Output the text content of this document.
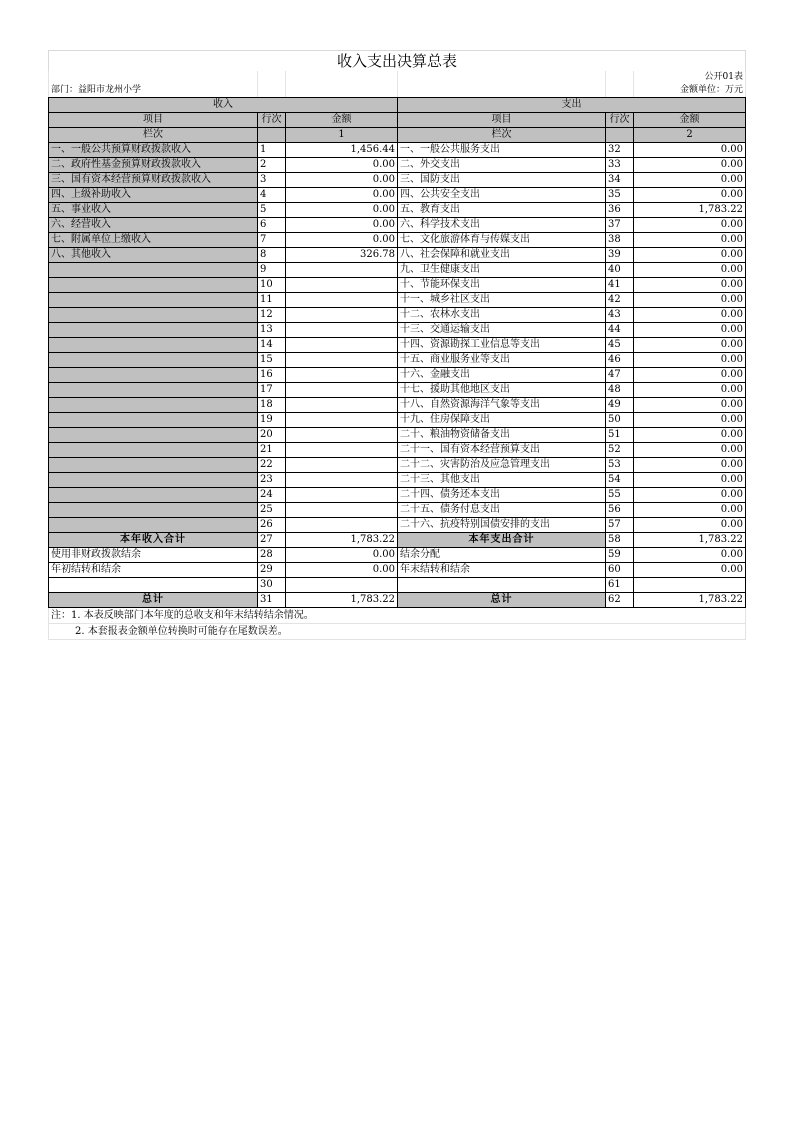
收入支出决算总表					
					公开01表
部门：益阳市龙州小学					金额单位：万元
收入			支出		
项目	行次	金额	项目	行次	金额
栏次		1	栏次		2
一、一般公共预算财政拨款收入	1	1,456.44	一、一般公共服务支出	32	0.00
二、政府性基金预算财政拨款收入	2	0.00	二、外交支出	33	0.00
三、国有资本经营预算财政拨款收入	3	0.00	三、国防支出	34	0.00
四、上级补助收入	4	0.00	四、公共安全支出	35	0.00
五、事业收入	5	0.00	五、教育支出	36	1,783.22
六、经营收入	6	0.00	六、科学技术支出	37	0.00
七、附属单位上缴收入	7	0.00	七、文化旅游体育与传媒支出	38	0.00
八、其他收入	8	326.78	八、社会保障和就业支出	39	0.00
	9		九、卫生健康支出	40	0.00
	10		十、节能环保支出	41	0.00
	11		十一、城乡社区支出	42	0.00
	12		十二、农林水支出	43	0.00
	13		十三、交通运输支出	44	0.00
	14		十四、资源勘探工业信息等支出	45	0.00
	15		十五、商业服务业等支出	46	0.00
	16		十六、金融支出	47	0.00
	17		十七、援助其他地区支出	48	0.00
	18		十八、自然资源海洋气象等支出	49	0.00
	19		十九、住房保障支出	50	0.00
	20		二十、粮油物资储备支出	51	0.00
	21		二十一、国有资本经营预算支出	52	0.00
	22		二十二、灾害防治及应急管理支出	53	0.00
	23		二十三、其他支出	54	0.00
	24		二十四、债务还本支出	55	0.00
	25		二十五、债务付息支出	56	0.00
	26		二十六、抗疫特别国债安排的支出	57	0.00
本年收入合计	27	1,783.22	本年支出合计	58	1,783.22
使用非财政拨款结余	28	0.00	结余分配	59	0.00
年初结转和结余	29	0.00	年末结转和结余	60	0.00
	30			61	
总计	31	1,783.22	总计	62	1,783.22
注：1. 本表反映部门本年度的总收支和年末结转结余情况。					
2. 本套报表金额单位转换时可能存在尾数误差。					
